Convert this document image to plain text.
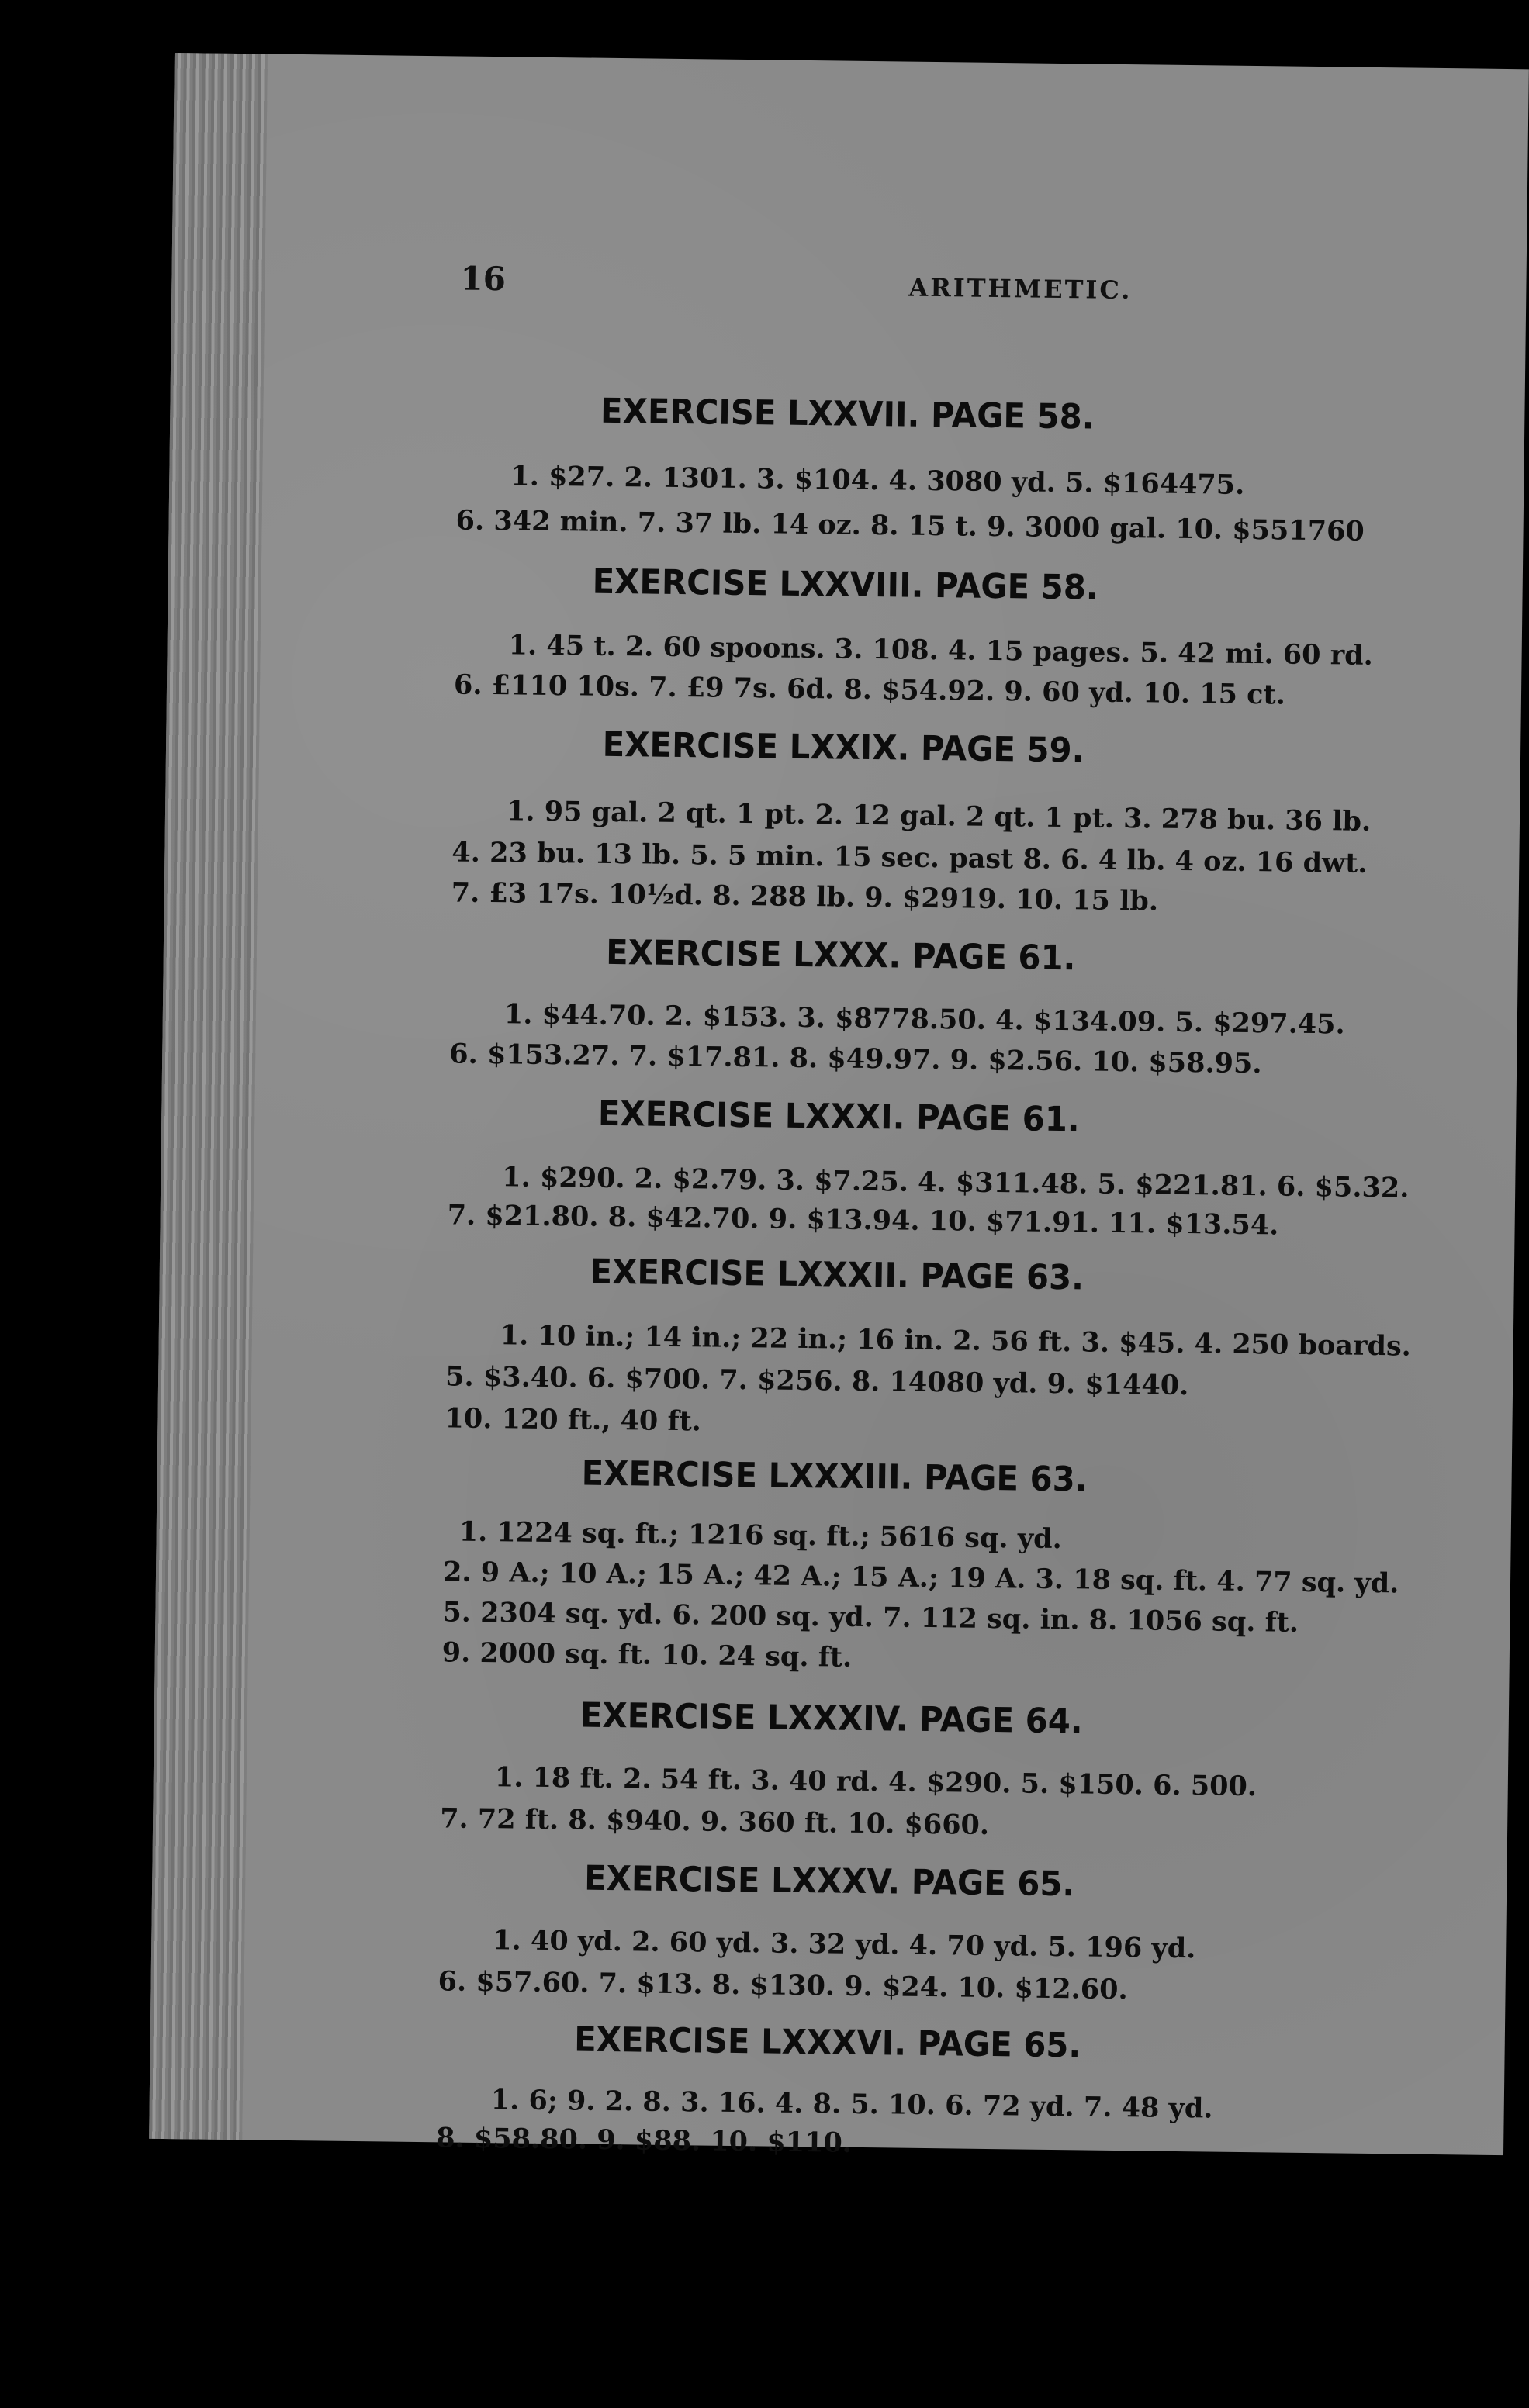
16	ARITHMETIC.
EXERCISE LXXVII. PAGE 58.
1. $27. 2. 1301. 3. $104. 4. 3080 yd. 5. $164475.
6. 342 min. 7. 37 lb. 14 oz. 8. 15 t. 9. 3000 gal. 10. $551760
EXERCISE LXXVIII. PAGE 58.
1. 45 t. 2. 60 spoons. 3. 108. 4. 15 pages. 5. 42 mi. 60 rd.
6. £110 10s. 7. £9 7s. 6d. 8. $54.92. 9. 60 yd. 10. 15 ct.
EXERCISE LXXIX. PAGE 59.
1. 95 gal. 2 qt. 1 pt. 2. 12 gal. 2 qt. 1 pt. 3. 278 bu. 36 lb.
4. 23 bu. 13 lb. 5. 5 min. 15 sec. past 8. 6. 4 lb. 4 oz. 16 dwt.
7. £3 17s. 10½d. 8. 288 lb. 9. $2919. 10. 15 lb.
EXERCISE LXXX. PAGE 61.
1. $44.70. 2. $153. 3. $8778.50. 4. $134.09. 5. $297.45.
6. $153.27. 7. $17.81. 8. $49.97. 9. $2.56. 10. $58.95.
EXERCISE LXXXI. PAGE 61.
1. $290. 2. $2.79. 3. $7.25. 4. $311.48. 5. $221.81. 6. $5.32.
7. $21.80. 8. $42.70. 9. $13.94. 10. $71.91. 11. $13.54.
EXERCISE LXXXII. PAGE 63.
1. 10 in.; 14 in.; 22 in.; 16 in. 2. 56 ft. 3. $45. 4. 250 boards.
5. $3.40. 6. $700. 7. $256. 8. 14080 yd. 9. $1440.
10. 120 ft., 40 ft.
EXERCISE LXXXIII. PAGE 63.
1. 1224 sq. ft.; 1216 sq. ft.; 5616 sq. yd.
2. 9 A.; 10 A.; 15 A.; 42 A.; 15 A.; 19 A. 3. 18 sq. ft. 4. 77 sq. yd.
5. 2304 sq. yd. 6. 200 sq. yd. 7. 112 sq. in. 8. 1056 sq. ft.
9. 2000 sq. ft. 10. 24 sq. ft.
EXERCISE LXXXIV. PAGE 64.
1. 18 ft. 2. 54 ft. 3. 40 rd. 4. $290. 5. $150. 6. 500.
7. 72 ft. 8. $940. 9. 360 ft. 10. $660.
EXERCISE LXXXV. PAGE 65.
1. 40 yd. 2. 60 yd. 3. 32 yd. 4. 70 yd. 5. 196 yd.
6. $57.60. 7. $13. 8. $130. 9. $24. 10. $12.60.
EXERCISE LXXXVI. PAGE 65.
1. 6; 9. 2. 8. 3. 16. 4. 8. 5. 10. 6. 72 yd. 7. 48 yd.
8. $58.80. 9. $88. 10. $110.
